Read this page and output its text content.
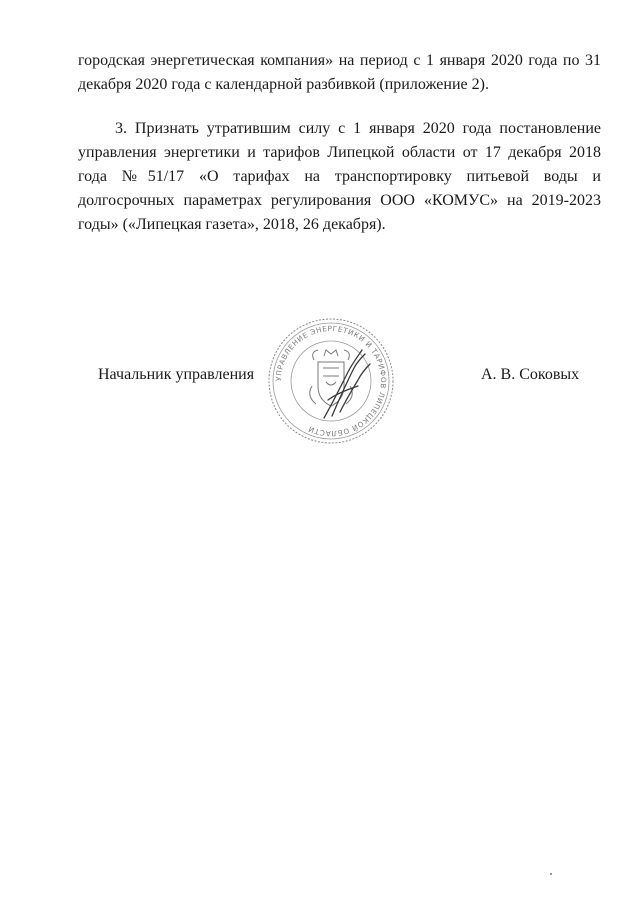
городская энергетическая компания» на период с 1 января 2020 года по 31 декабря 2020 года с календарной разбивкой (приложение 2).

3. Признать утратившим силу с 1 января 2020 года постановление управления энергетики и тарифов Липецкой области от 17 декабря 2018 года №51/17 «О тарифах на транспортировку питьевой воды и долгосрочных параметрах регулирования ООО «КОМУС» на 2019-2023 годы» («Липецкая газета», 2018, 26 декабря).

Начальник управления	УПРАВЛЕНИЕ ЭНЕРГЕТИКИ И ТАРИФОВ ЛИПЕЦКОЙ ОБЛАСТИ
А. В. Соковых
